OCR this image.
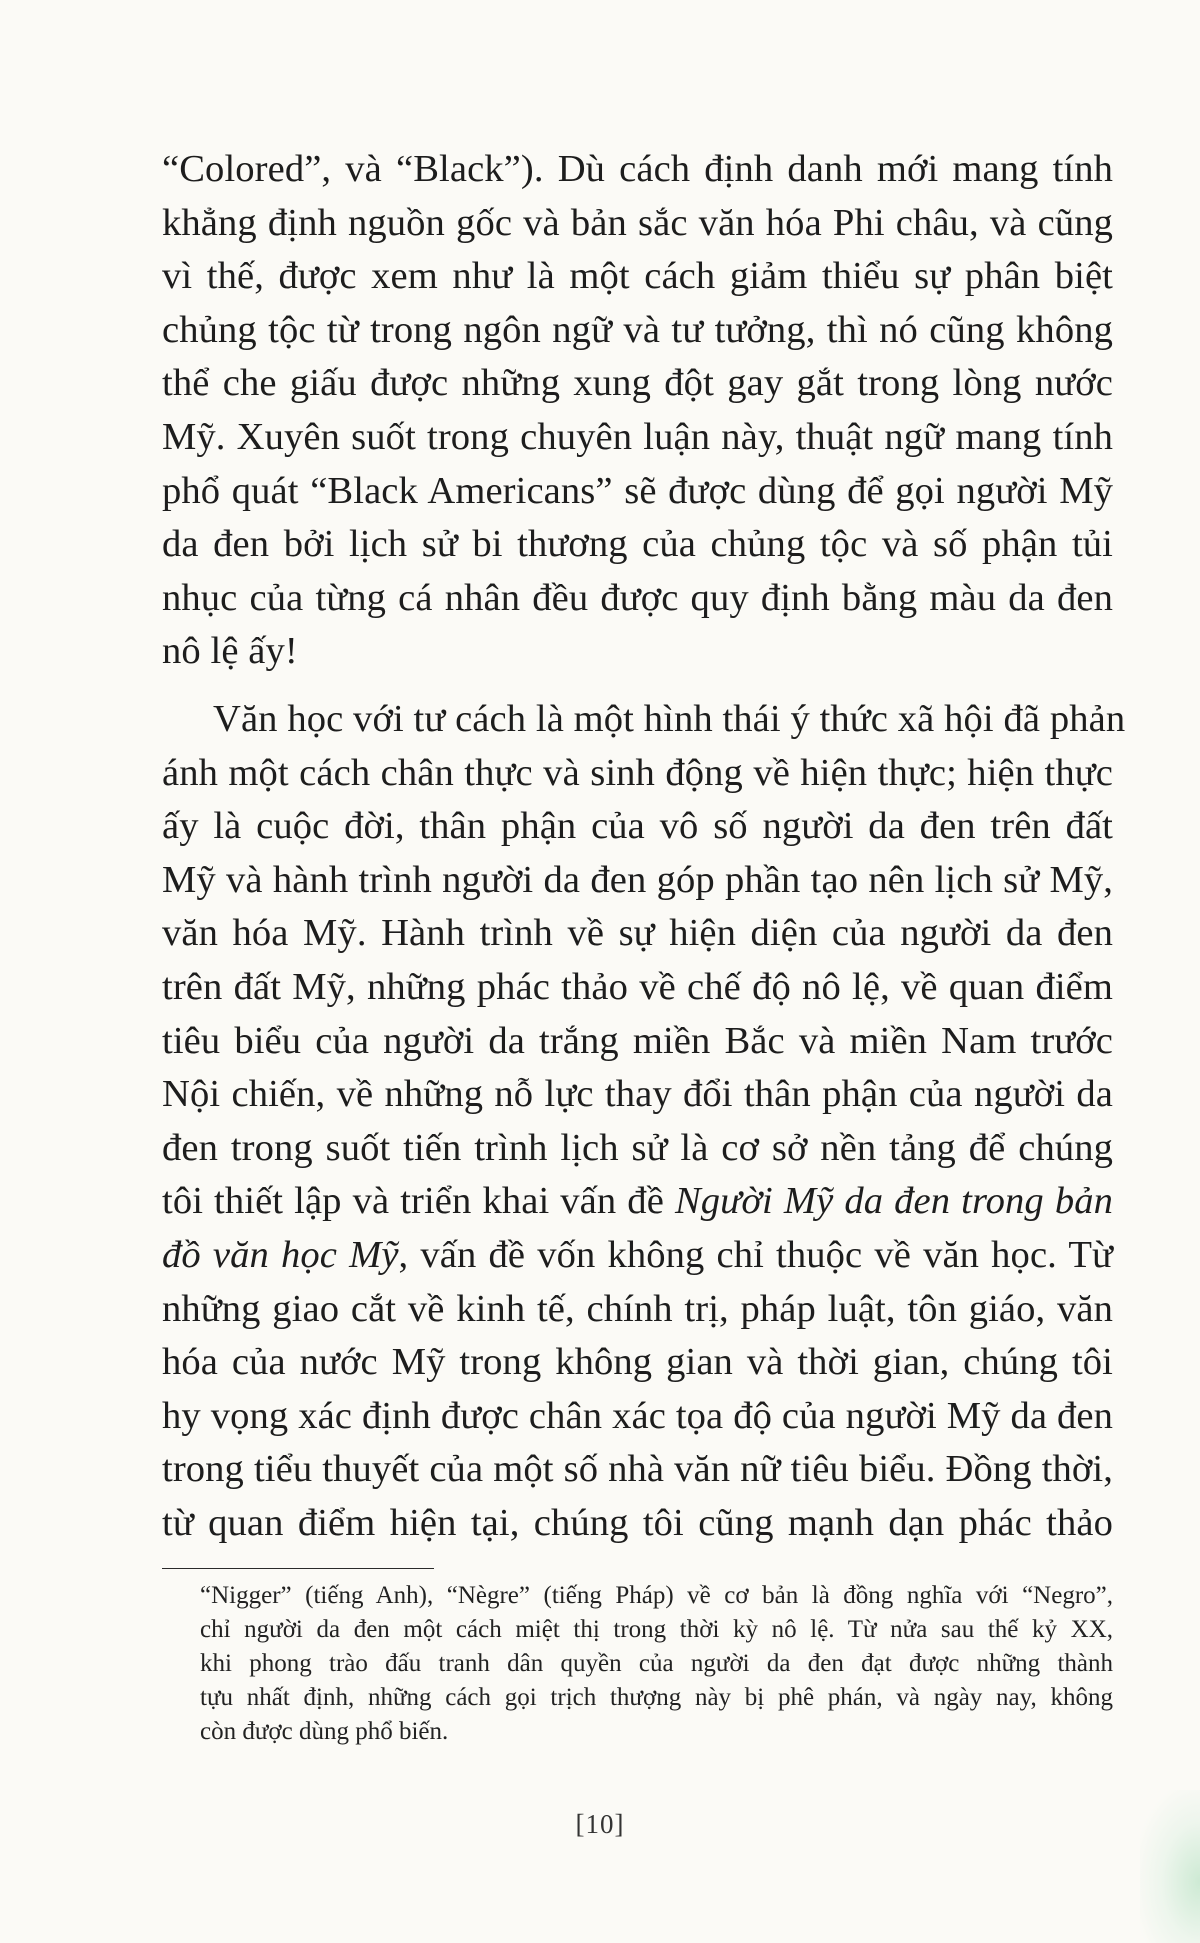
“Colored”, và “Black”). Dù cách định danh mới mang tính
khẳng định nguồn gốc và bản sắc văn hóa Phi châu, và cũng
vì thế, được xem như là một cách giảm thiểu sự phân biệt
chủng tộc từ trong ngôn ngữ và tư tưởng, thì nó cũng không
thể che giấu được những xung đột gay gắt trong lòng nước
Mỹ. Xuyên suốt trong chuyên luận này, thuật ngữ mang tính
phổ quát “Black Americans” sẽ được dùng để gọi người Mỹ
da đen bởi lịch sử bi thương của chủng tộc và số phận tủi
nhục của từng cá nhân đều được quy định bằng màu da đen
nô lệ ấy!

Văn học với tư cách là một hình thái ý thức xã hội đã phản
ánh một cách chân thực và sinh động về hiện thực; hiện thực
ấy là cuộc đời, thân phận của vô số người da đen trên đất
Mỹ và hành trình người da đen góp phần tạo nên lịch sử Mỹ,
văn hóa Mỹ. Hành trình về sự hiện diện của người da đen
trên đất Mỹ, những phác thảo về chế độ nô lệ, về quan điểm
tiêu biểu của người da trắng miền Bắc và miền Nam trước
Nội chiến, về những nỗ lực thay đổi thân phận của người da
đen trong suốt tiến trình lịch sử là cơ sở nền tảng để chúng
tôi thiết lập và triển khai vấn đề Người Mỹ da đen trong bản
đồ văn học Mỹ, vấn đề vốn không chỉ thuộc về văn học. Từ
những giao cắt về kinh tế, chính trị, pháp luật, tôn giáo, văn
hóa của nước Mỹ trong không gian và thời gian, chúng tôi
hy vọng xác định được chân xác tọa độ của người Mỹ da đen
trong tiểu thuyết của một số nhà văn nữ tiêu biểu. Đồng thời,
từ quan điểm hiện tại, chúng tôi cũng mạnh dạn phác thảo

“Nigger” (tiếng Anh), “Nègre” (tiếng Pháp) về cơ bản là đồng nghĩa với “Negro”,
chỉ người da đen một cách miệt thị trong thời kỳ nô lệ. Từ nửa sau thế kỷ XX,
khi phong trào đấu tranh dân quyền của người da đen đạt được những thành
tựu nhất định, những cách gọi trịch thượng này bị phê phán, và ngày nay, không
còn được dùng phổ biến.
[10]
